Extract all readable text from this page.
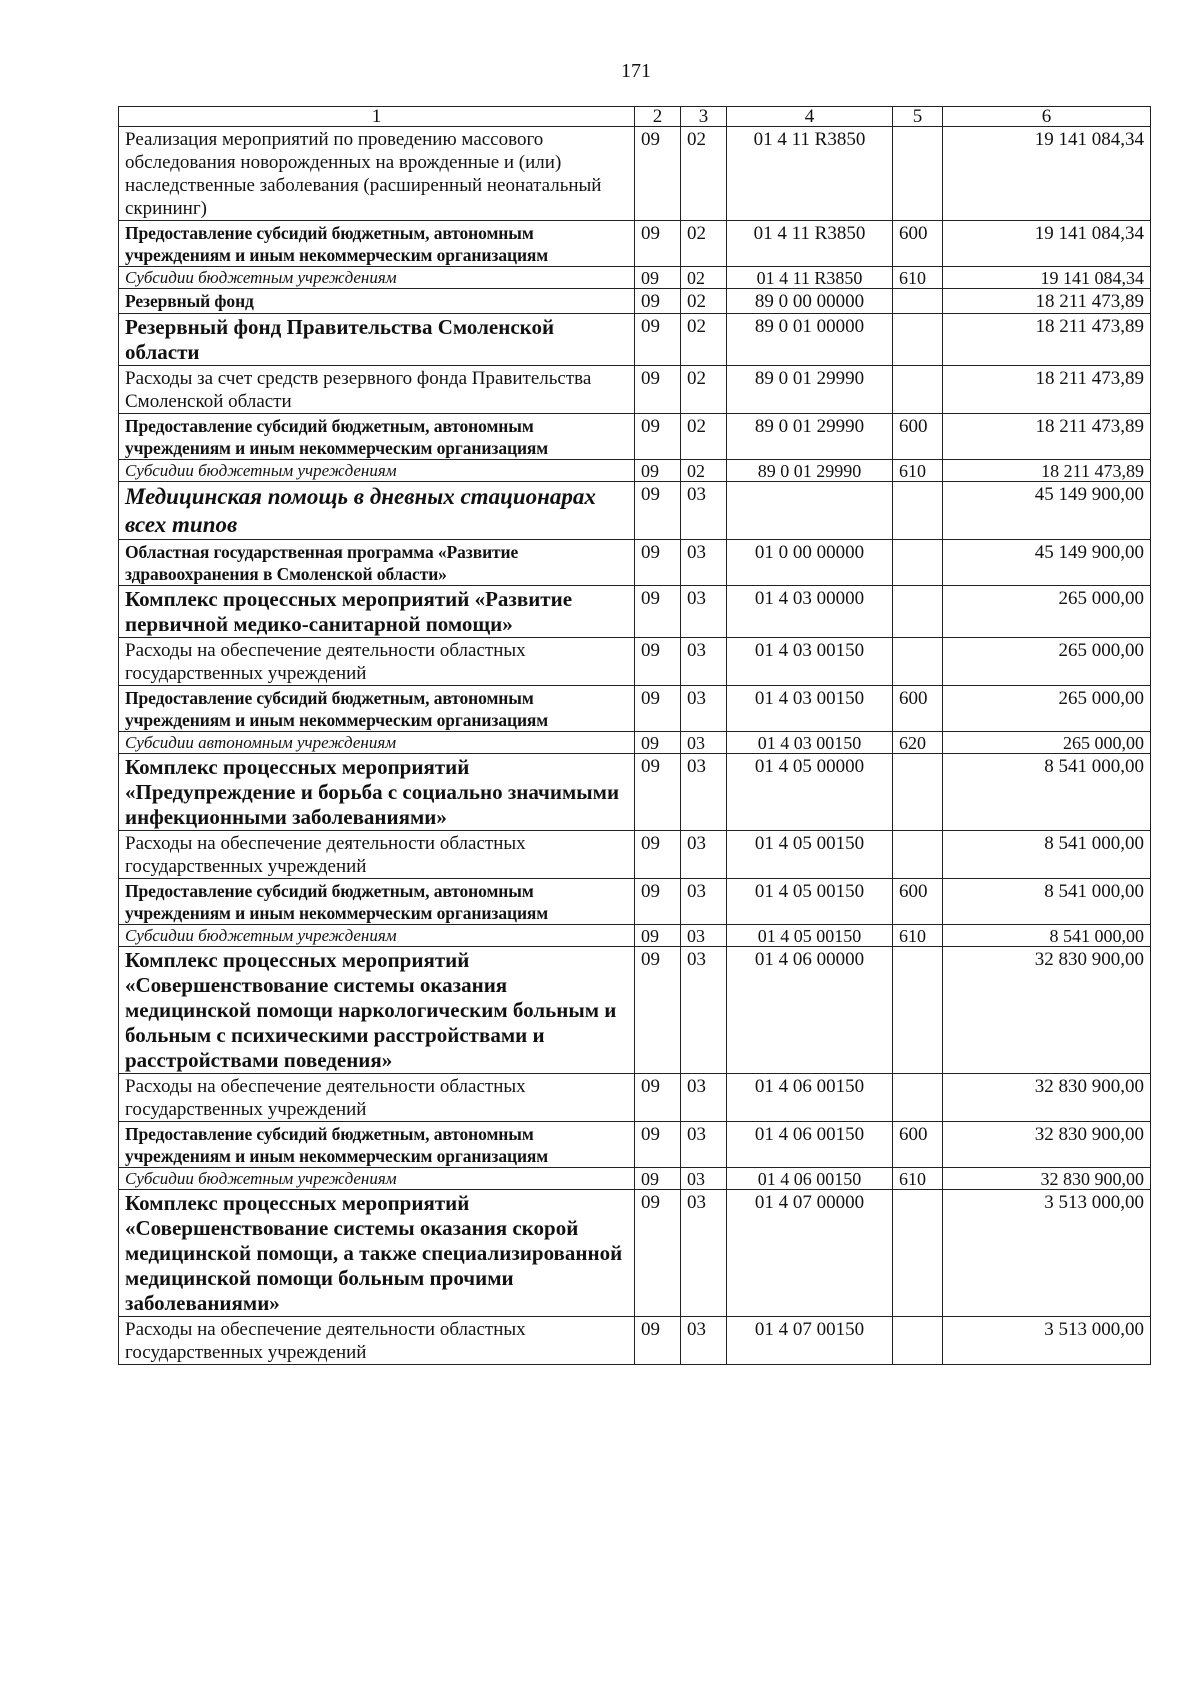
171
1	2	3	4	5	6
Реализация мероприятий по проведению массового обследования новорожденных на врожденные и (или) наследственные заболевания (расширенный неонатальный скрининг)	09	02	01 4 11 R3850		19 141 084,34
Предоставление субсидий бюджетным, автономным учреждениям и иным некоммерческим организациям	09	02	01 4 11 R3850	600	19 141 084,34
Субсидии бюджетным учреждениям	09	02	01 4 11 R3850	610	19 141 084,34
Резервный фонд	09	02	89 0 00 00000		18 211 473,89
Резервный фонд Правительства Смоленской области	09	02	89 0 01 00000		18 211 473,89
Расходы за счет средств резервного фонда Правительства Смоленской области	09	02	89 0 01 29990		18 211 473,89
Предоставление субсидий бюджетным, автономным учреждениям и иным некоммерческим организациям	09	02	89 0 01 29990	600	18 211 473,89
Субсидии бюджетным учреждениям	09	02	89 0 01 29990	610	18 211 473,89
Медицинская помощь в дневных стационарах всех типов	09	03			45 149 900,00
Областная государственная программа «Развитие здравоохранения в Смоленской области»	09	03	01 0 00 00000		45 149 900,00
Комплекс процессных мероприятий «Развитие первичной медико-санитарной помощи»	09	03	01 4 03 00000		265 000,00
Расходы на обеспечение деятельности областных государственных учреждений	09	03	01 4 03 00150		265 000,00
Предоставление субсидий бюджетным, автономным учреждениям и иным некоммерческим организациям	09	03	01 4 03 00150	600	265 000,00
Субсидии автономным учреждениям	09	03	01 4 03 00150	620	265 000,00
Комплекс процессных мероприятий «Предупреждение и борьба с социально значимыми инфекционными заболеваниями»	09	03	01 4 05 00000		8 541 000,00
Расходы на обеспечение деятельности областных государственных учреждений	09	03	01 4 05 00150		8 541 000,00
Предоставление субсидий бюджетным, автономным учреждениям и иным некоммерческим организациям	09	03	01 4 05 00150	600	8 541 000,00
Субсидии бюджетным учреждениям	09	03	01 4 05 00150	610	8 541 000,00
Комплекс процессных мероприятий «Совершенствование системы оказания медицинской помощи наркологическим больным и больным с психическими расстройствами и расстройствами поведения»	09	03	01 4 06 00000		32 830 900,00
Расходы на обеспечение деятельности областных государственных учреждений	09	03	01 4 06 00150		32 830 900,00
Предоставление субсидий бюджетным, автономным учреждениям и иным некоммерческим организациям	09	03	01 4 06 00150	600	32 830 900,00
Субсидии бюджетным учреждениям	09	03	01 4 06 00150	610	32 830 900,00
Комплекс процессных мероприятий «Совершенствование системы оказания скорой медицинской помощи, а также специализированной медицинской помощи больным прочими заболеваниями»	09	03	01 4 07 00000		3 513 000,00
Расходы на обеспечение деятельности областных государственных учреждений	09	03	01 4 07 00150		3 513 000,00
